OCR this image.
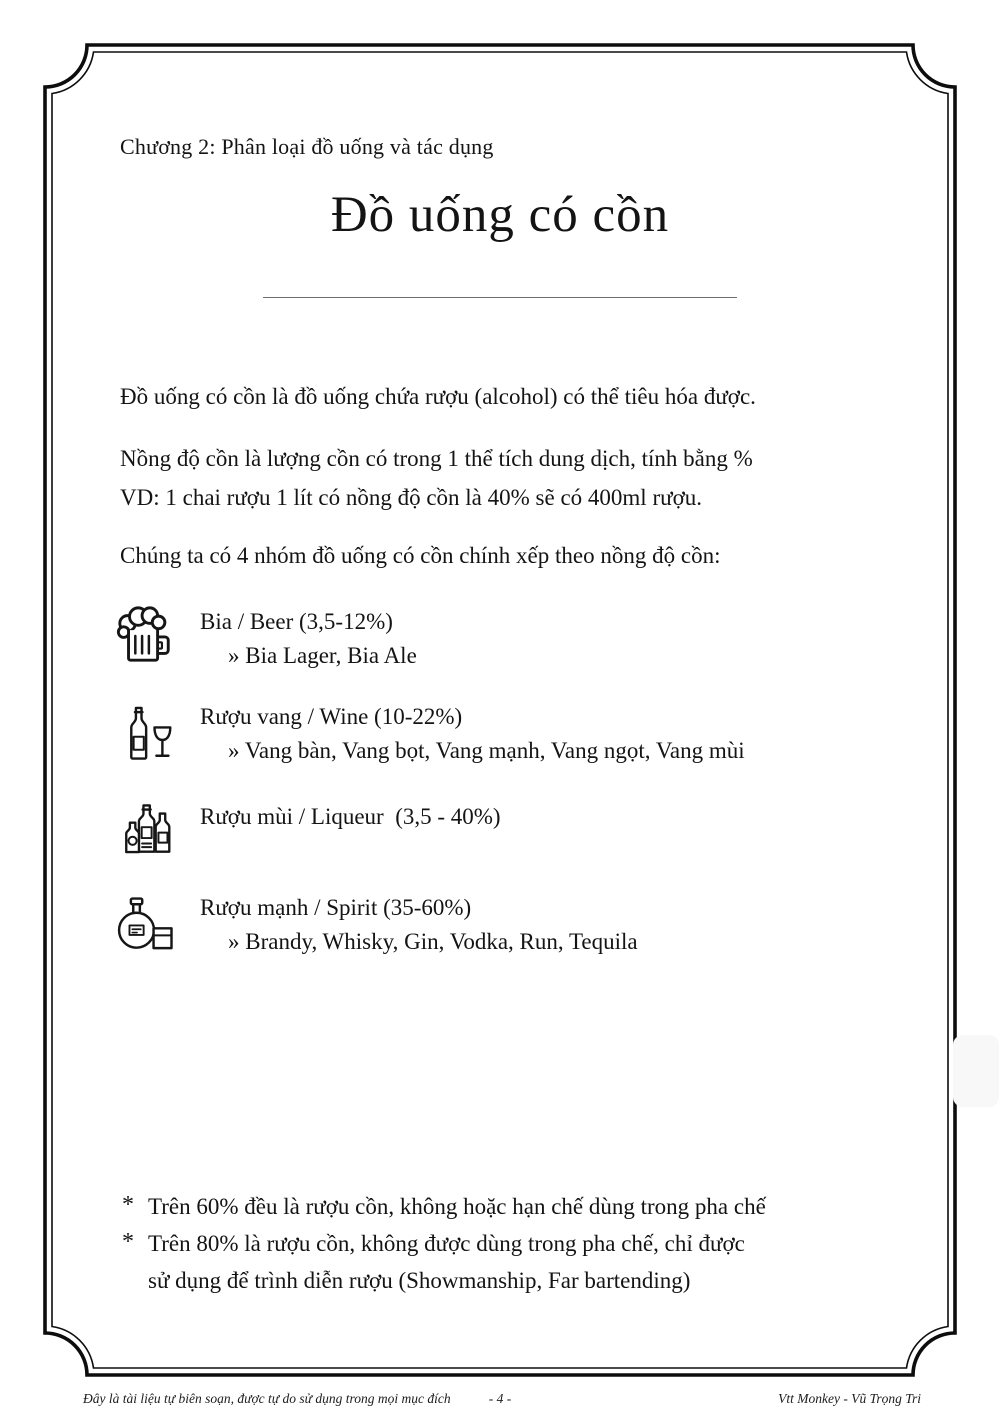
Chương 2: Phân loại đồ uống và tác dụng
Đồ uống có cồn
Đồ uống có cồn là đồ uống chứa rượu (alcohol) có thể tiêu hóa được.
Nồng độ cồn là lượng cồn có trong 1 thể tích dung dịch, tính bằng %
VD: 1 chai rượu 1 lít có nồng độ cồn là 40% sẽ có 400ml rượu.
Chúng ta có 4 nhóm đồ uống có cồn chính xếp theo nồng độ cồn:
Bia / Beer (3,5-12%)
» Bia Lager, Bia Ale
Rượu vang / Wine (10-22%)
» Vang bàn, Vang bọt, Vang mạnh, Vang ngọt, Vang mùi
Rượu mùi / Liqueur  (3,5 - 40%)
Rượu mạnh / Spirit (35-60%)
» Brandy, Whisky, Gin, Vodka, Run, Tequila
* Trên 60% đều là rượu cồn, không hoặc hạn chế dùng trong pha chế
* Trên 80% là rượu cồn, không được dùng trong pha chế, chỉ được
sử dụng để trình diễn rượu (Showmanship, Far bartending)
Đây là tài liệu tự biên soạn, được tự do sử dụng trong mọi mục đích	- 4 -	Vtt Monkey - Vũ Trọng Tri
